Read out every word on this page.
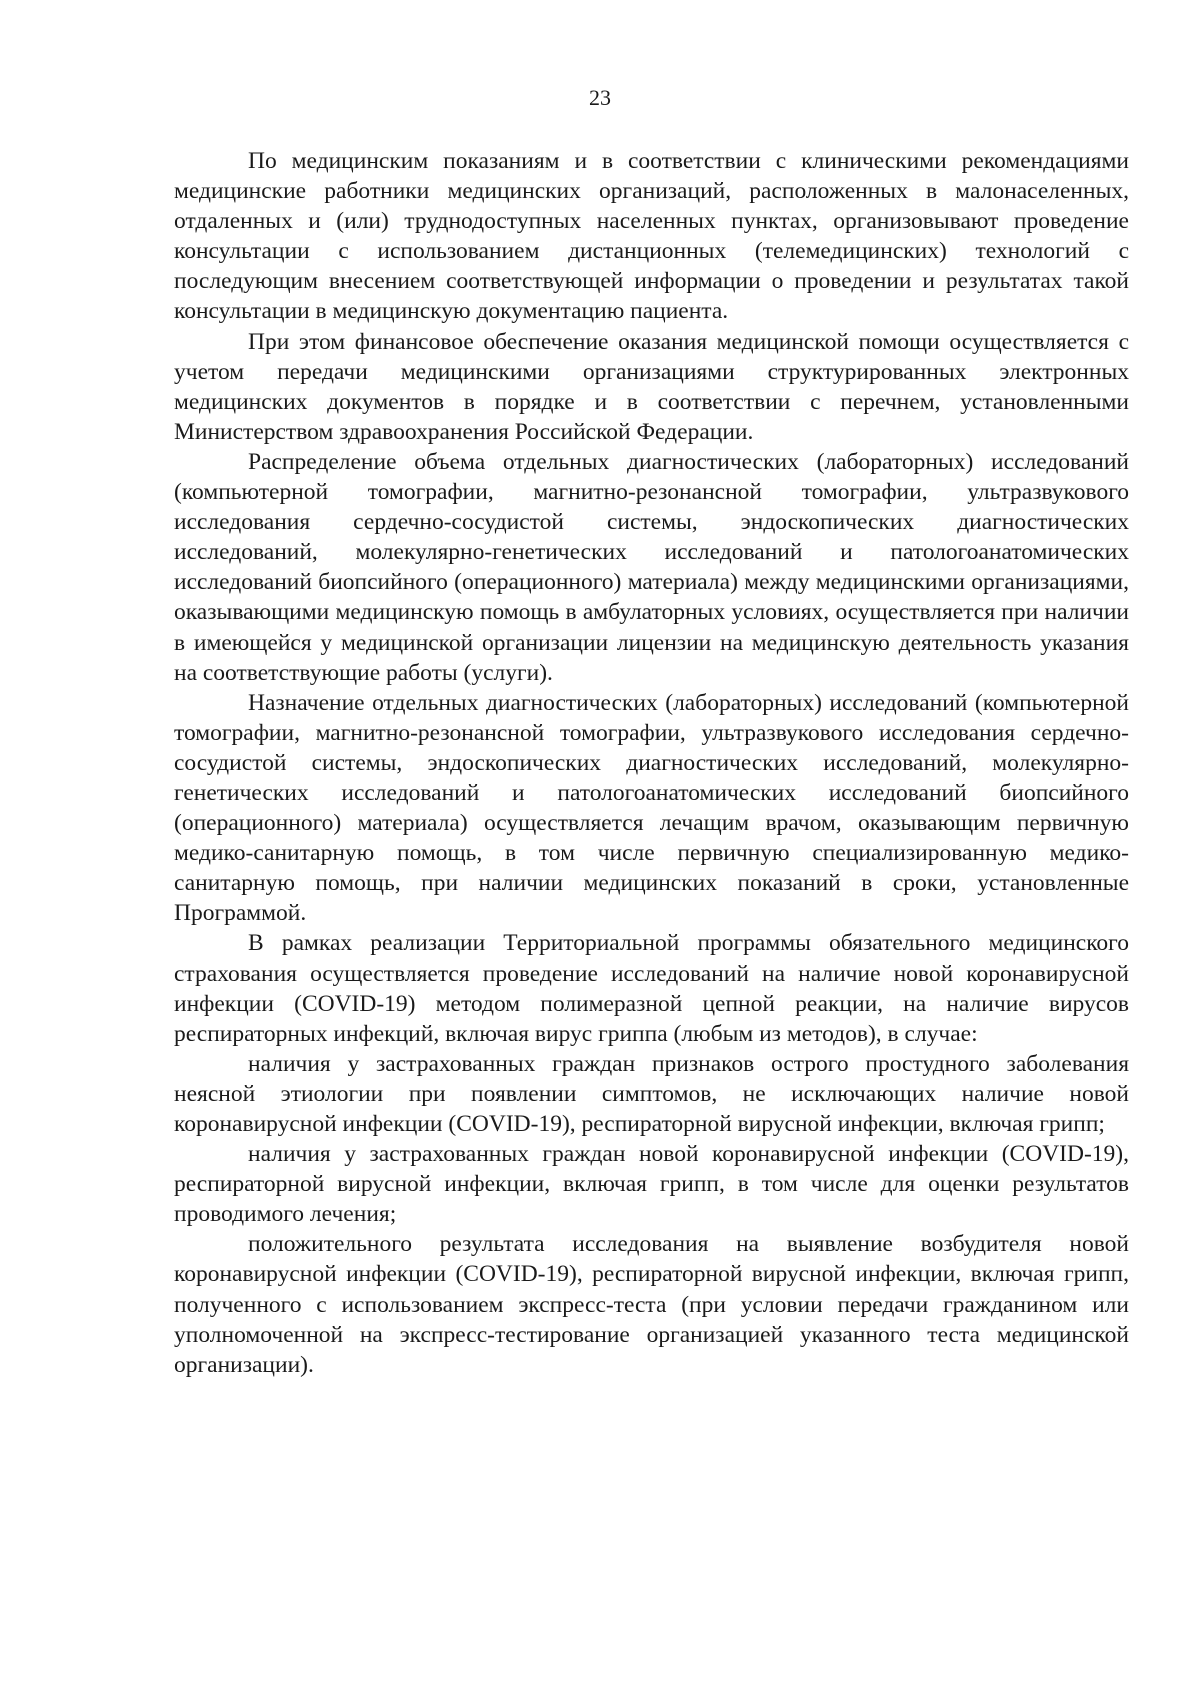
23

По медицинским показаниям и в соответствии с клиническими рекомендациями медицинские работники медицинских организаций, расположенных в малонаселенных, отдаленных и (или) труднодоступных населенных пунктах, организовывают проведение консультации с использованием дистанционных (телемедицинских) технологий с последующим внесением соответствующей информации о проведении и результатах такой консультации в медицинскую документацию пациента.

При этом финансовое обеспечение оказания медицинской помощи осуществляется с учетом передачи медицинскими организациями структурированных электронных медицинских документов в порядке и в соответствии с перечнем, установленными Министерством здравоохранения Российской Федерации.

Распределение объема отдельных диагностических (лабораторных) исследований (компьютерной томографии, магнитно-резонансной томографии, ультразвукового исследования сердечно-сосудистой системы, эндоскопических диагностических исследований, молекулярно-генетических исследований и патологоанатомических исследований биопсийного (операционного) материала) между медицинскими организациями, оказывающими медицинскую помощь в амбулаторных условиях, осуществляется при наличии в имеющейся у медицинской организации лицензии на медицинскую деятельность указания на соответствующие работы (услуги).

Назначение отдельных диагностических (лабораторных) исследований (компьютерной томографии, магнитно-резонансной томографии, ультразвукового исследования сердечно-сосудистой системы, эндоскопических диагностических исследований, молекулярно-генетических исследований и патологоанатомических исследований биопсийного (операционного) материала) осуществляется лечащим врачом, оказывающим первичную медико-санитарную помощь, в том числе первичную специализированную медико-санитарную помощь, при наличии медицинских показаний в сроки, установленные Программой.

В рамках реализации Территориальной программы обязательного медицинского страхования осуществляется проведение исследований на наличие новой коронавирусной инфекции (COVID-19) методом полимеразной цепной реакции, на наличие вирусов респираторных инфекций, включая вирус гриппа (любым из методов), в случае:

наличия у застрахованных граждан признаков острого простудного заболевания неясной этиологии при появлении симптомов, не исключающих наличие новой коронавирусной инфекции (COVID-19), респираторной вирусной инфекции, включая грипп;

наличия у застрахованных граждан новой коронавирусной инфекции (COVID-19), респираторной вирусной инфекции, включая грипп, в том числе для оценки результатов проводимого лечения;

положительного результата исследования на выявление возбудителя новой коронавирусной инфекции (COVID-19), респираторной вирусной инфекции, включая грипп, полученного с использованием экспресс-теста (при условии передачи гражданином или уполномоченной на экспресс-тестирование организацией указанного теста медицинской организации).
